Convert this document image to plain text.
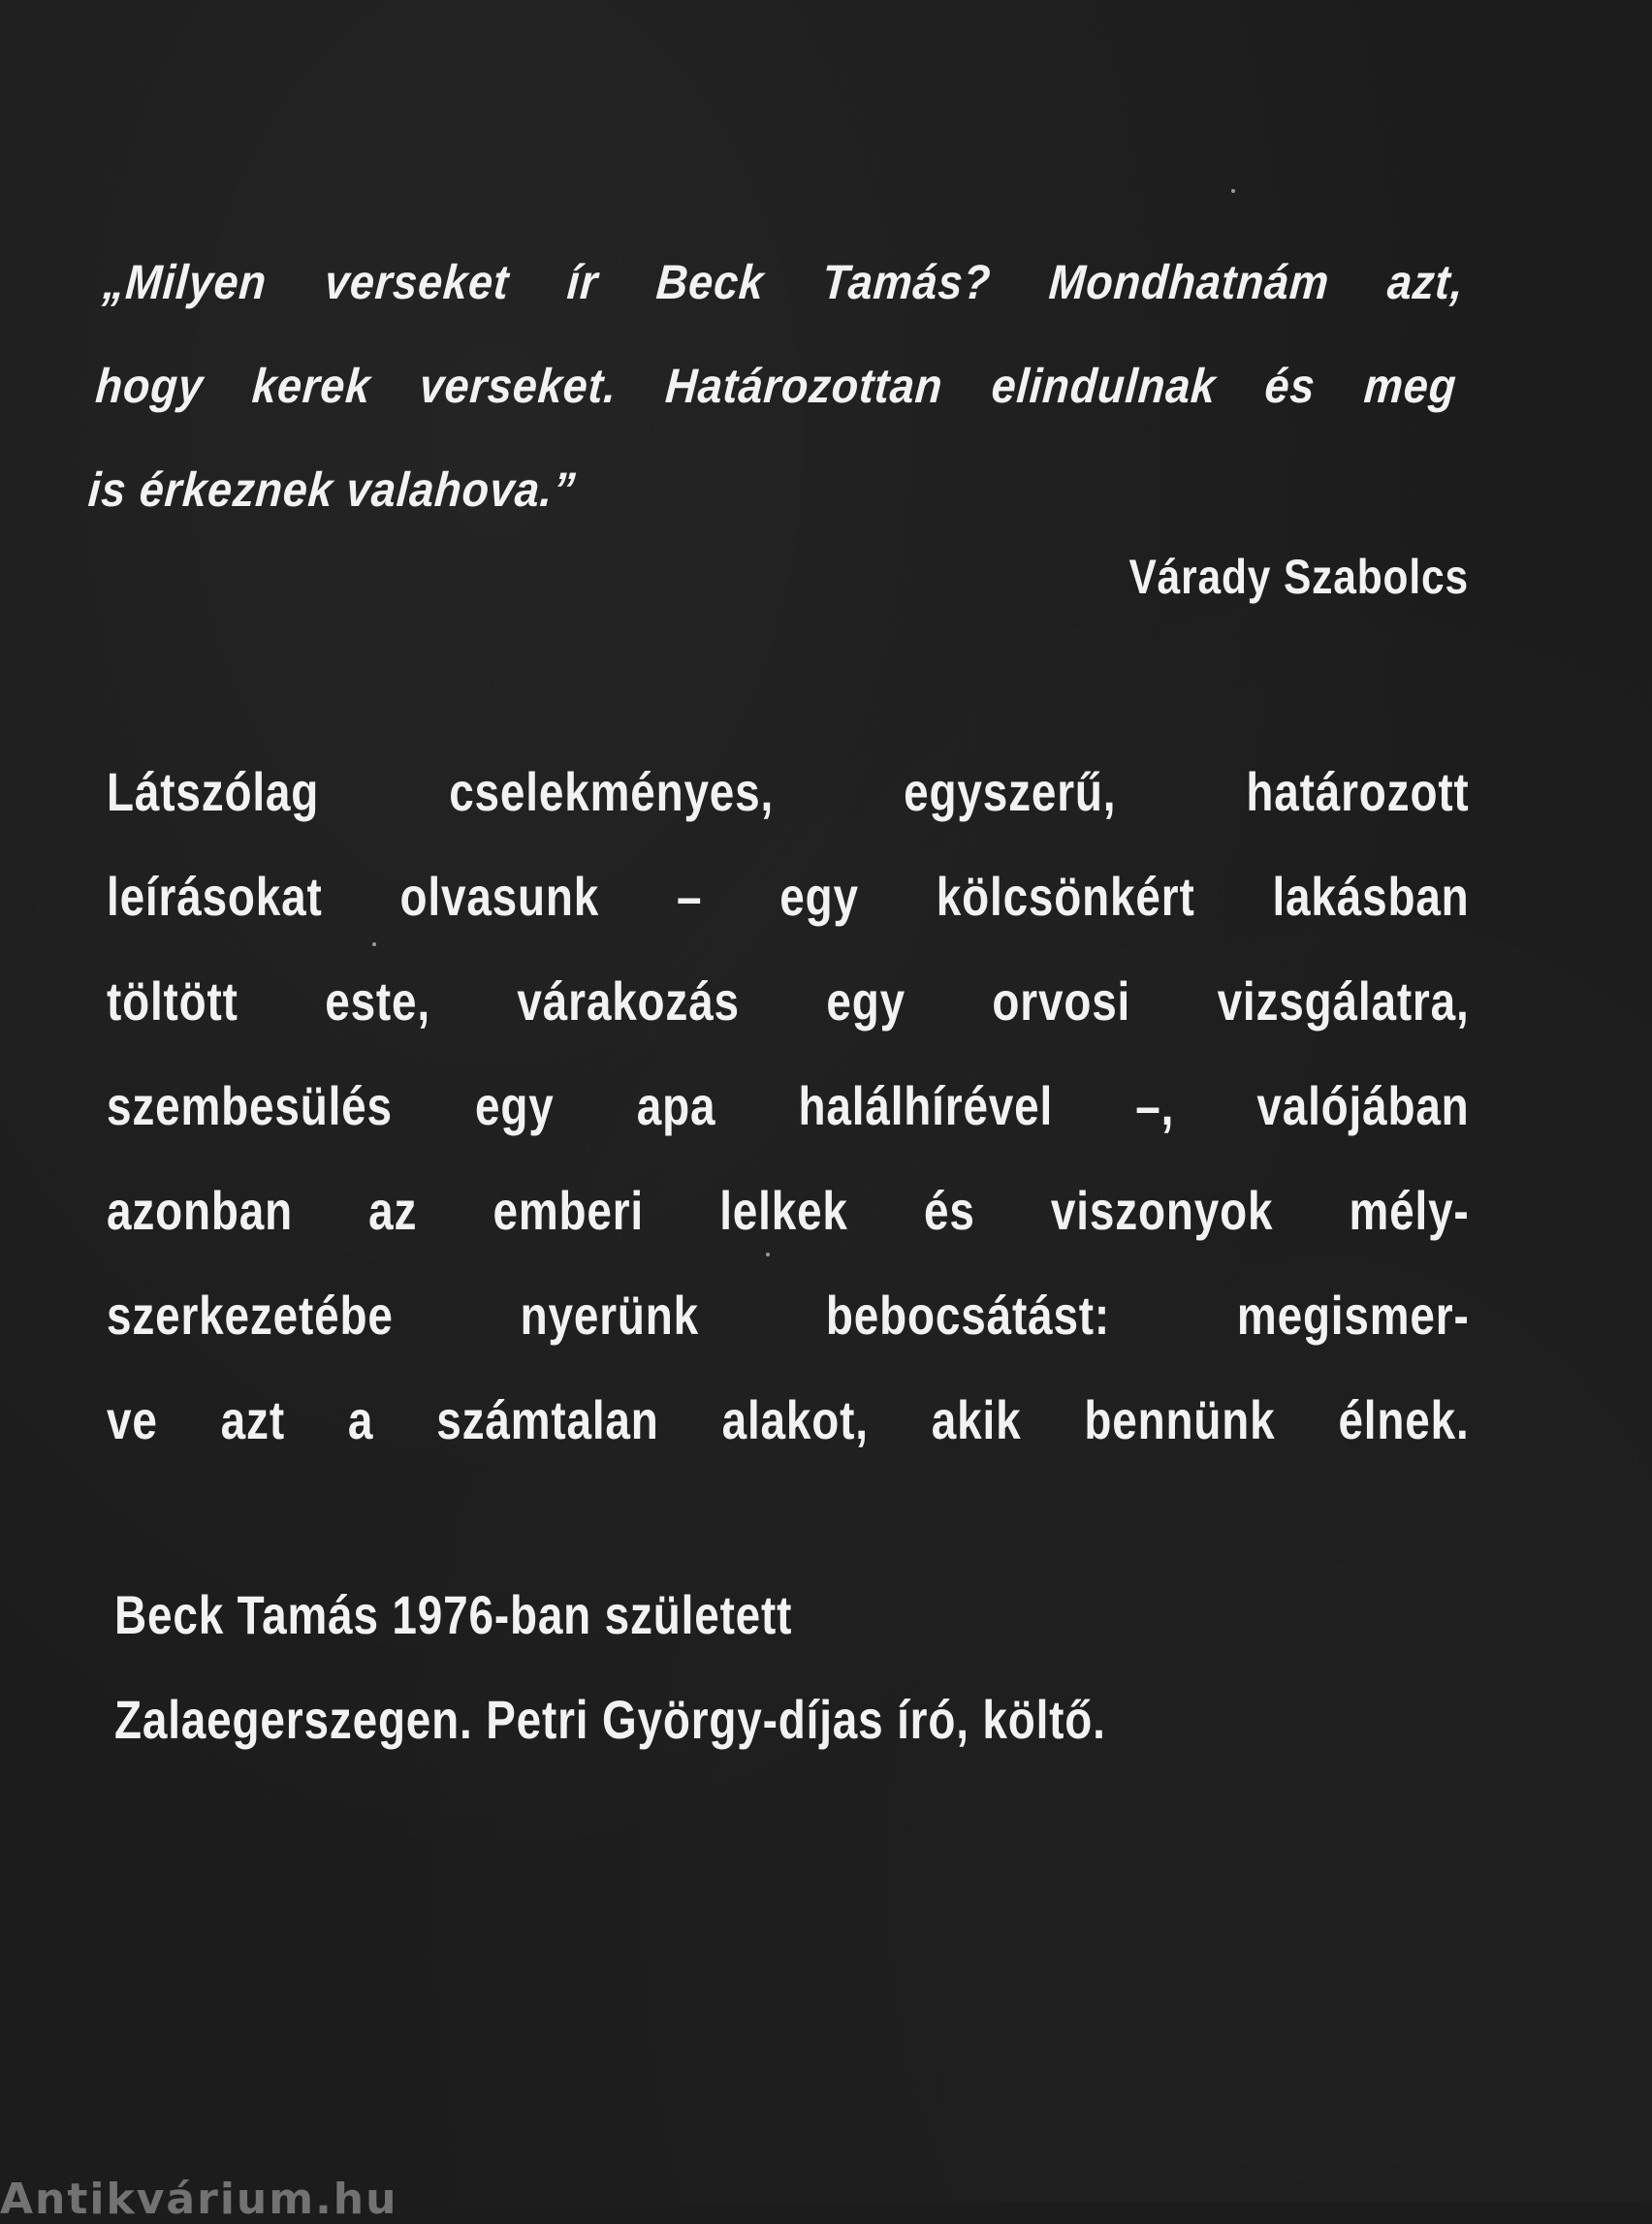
„Milyen verseket ír Beck Tamás? Mondhatnám azt,
hogy kerek verseket. Határozottan elindulnak és meg
is érkeznek valahova.”
Várady Szabolcs
Látszólag cselekményes, egyszerű, határozott
leírásokat olvasunk – egy kölcsönkért lakásban
töltött este, várakozás egy orvosi vizsgálatra,
szembesülés egy apa halálhírével –, valójában
azonban az emberi lelkek és viszonyok mély-
szerkezetébe nyerünk bebocsátást: megismer-
ve azt a számtalan alakot, akik bennünk élnek.
Beck Tamás 1976-ban született
Zalaegerszegen. Petri György-díjas író, költő.
Antikvárium.hu
